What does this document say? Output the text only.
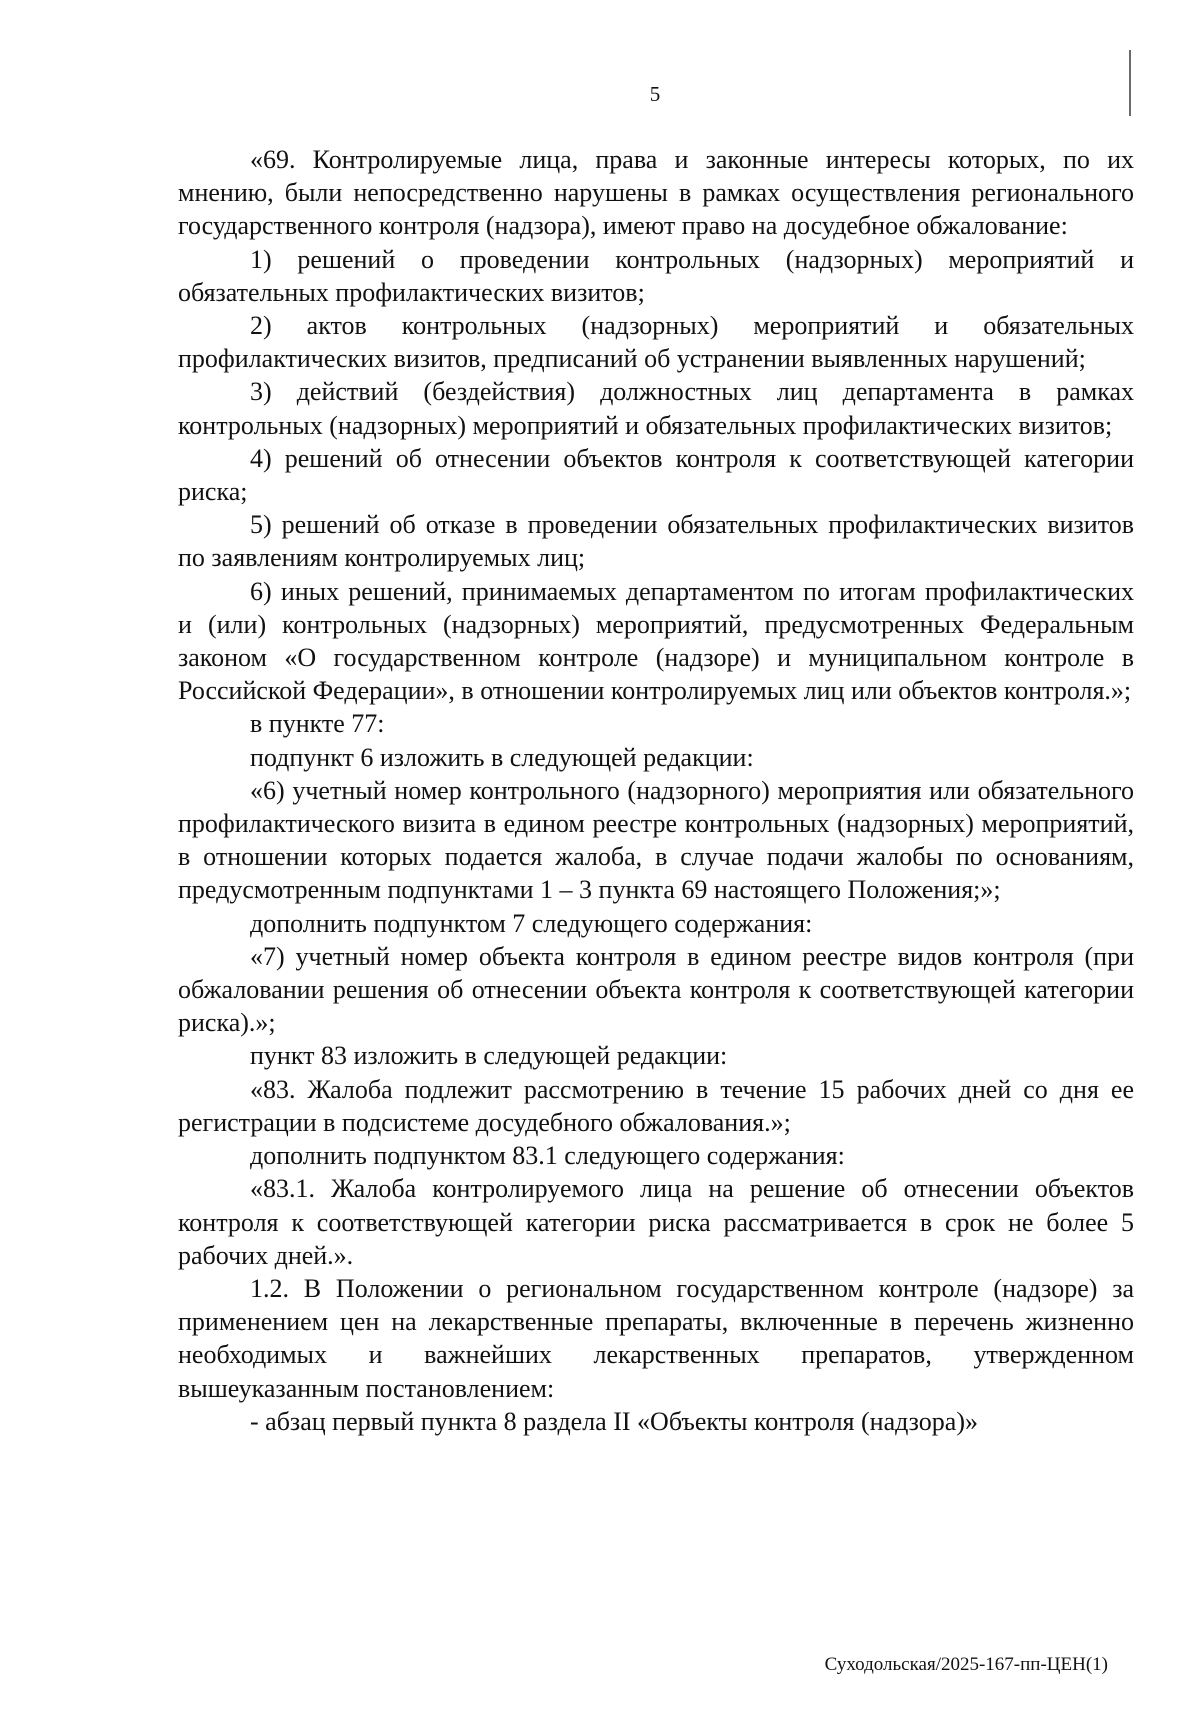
5

«69. Контролируемые лица, права и законные интересы которых, по их мнению, были непосредственно нарушены в рамках осуществления регионального государственного контроля (надзора), имеют право на досудебное обжалование:

1) решений о проведении контрольных (надзорных) мероприятий и обязательных профилактических визитов;

2) актов контрольных (надзорных) мероприятий и обязательных профилактических визитов, предписаний об устранении выявленных нарушений;

3) действий (бездействия) должностных лиц департамента в рамках контрольных (надзорных) мероприятий и обязательных профилактических визитов;

4) решений об отнесении объектов контроля к соответствующей категории риска;

5) решений об отказе в проведении обязательных профилактических визитов по заявлениям контролируемых лиц;

6) иных решений, принимаемых департаментом по итогам профилактических и (или) контрольных (надзорных) мероприятий, предусмотренных Федеральным законом «О государственном контроле (надзоре) и муниципальном контроле в Российской Федерации», в отношении контролируемых лиц или объектов контроля.»;

в пункте 77:

подпункт 6 изложить в следующей редакции:

«6) учетный номер контрольного (надзорного) мероприятия или обязательного профилактического визита в едином реестре контрольных (надзорных) мероприятий, в отношении которых подается жалоба, в случае подачи жалобы по основаниям, предусмотренным подпунктами 1 – 3 пункта 69 настоящего Положения;»;

дополнить подпунктом 7 следующего содержания:

«7) учетный номер объекта контроля в едином реестре видов контроля (при обжаловании решения об отнесении объекта контроля к соответствующей категории риска).»;

пункт 83 изложить в следующей редакции:

«83. Жалоба подлежит рассмотрению в течение 15 рабочих дней со дня ее регистрации в подсистеме досудебного обжалования.»;

дополнить подпунктом 83.1 следующего содержания:

«83.1. Жалоба контролируемого лица на решение об отнесении объектов контроля к соответствующей категории риска рассматривается в срок не более 5 рабочих дней.».

1.2. В Положении о региональном государственном контроле (надзоре) за применением цен на лекарственные препараты, включенные в перечень жизненно необходимых и важнейших лекарственных препаратов, утвержденном вышеуказанным постановлением:

- абзац первый пункта 8 раздела II «Объекты контроля (надзора)»

Суходольская/2025-167-пп-ЦЕН(1)
